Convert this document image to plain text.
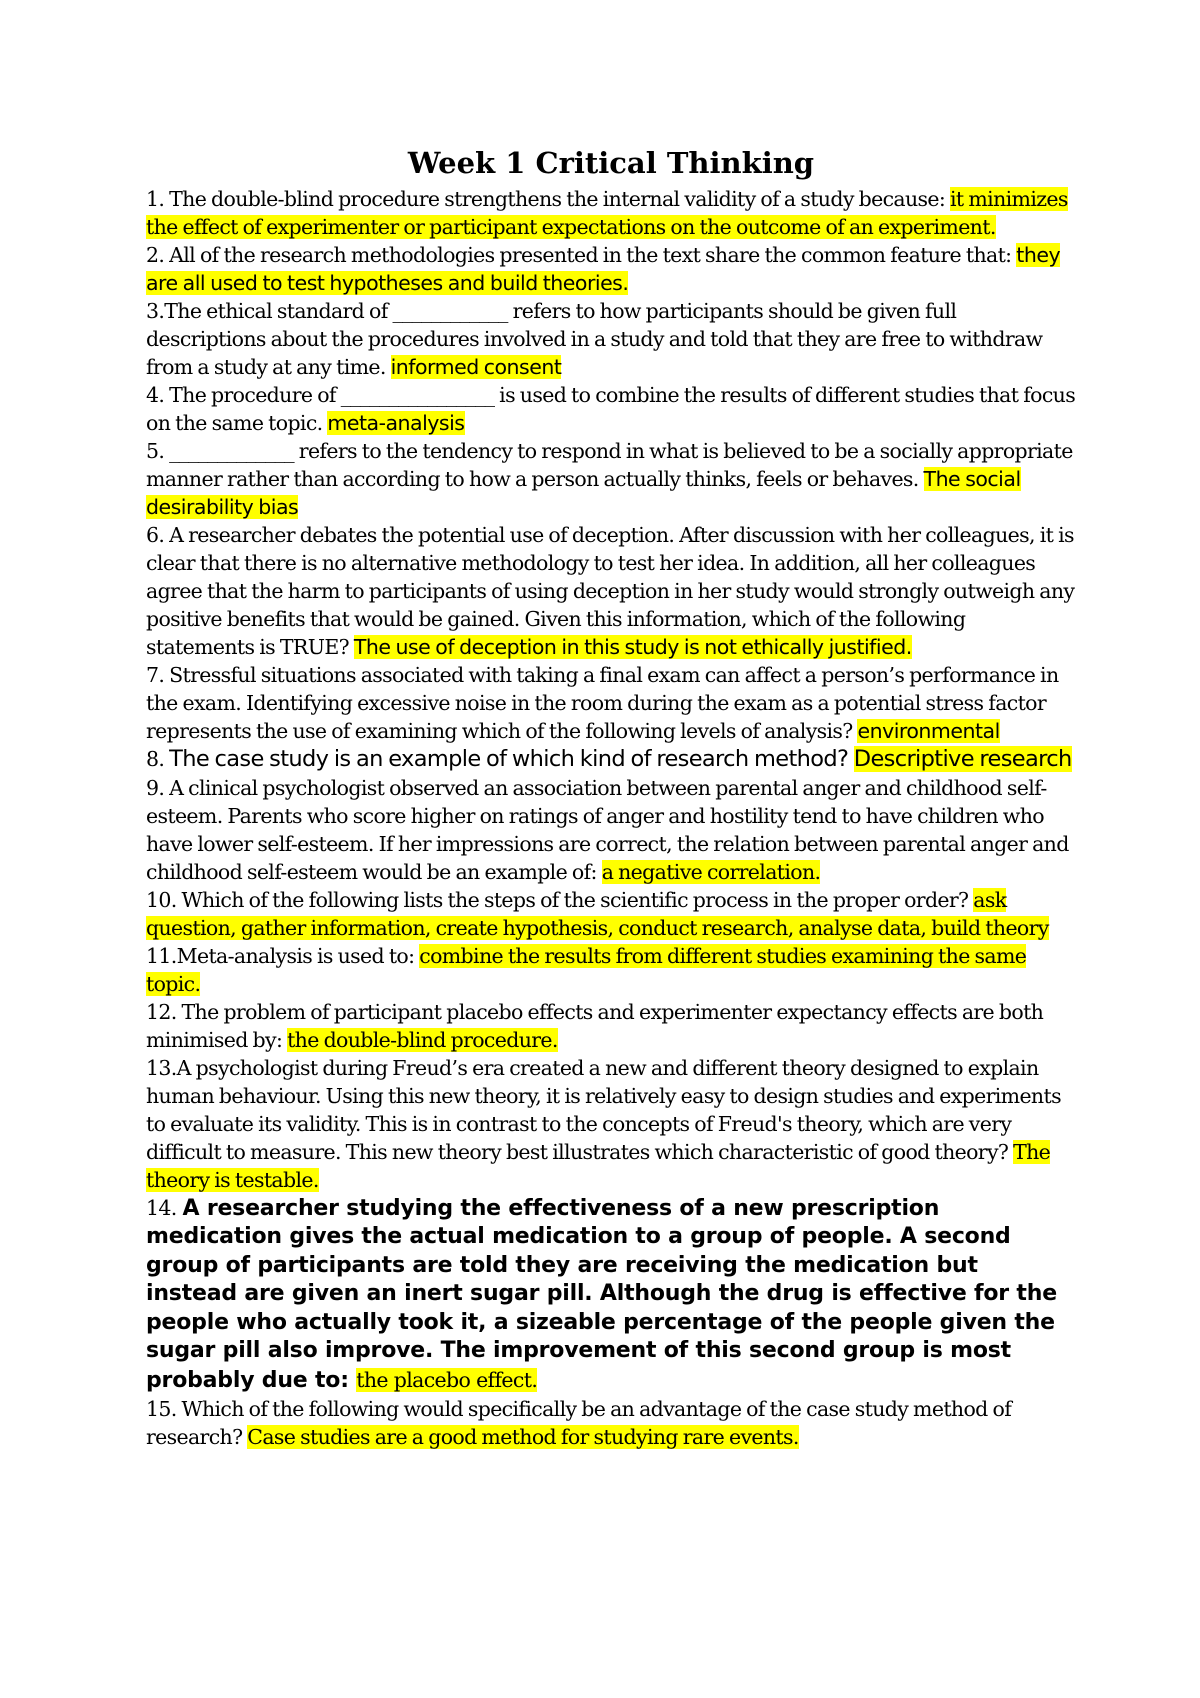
Week 1 Critical Thinking
1. The double-blind procedure strengthens the internal validity of a study because: it minimizes the effect of experimenter or participant expectations on the outcome of an experiment.
2. All of the research methodologies presented in the text share the common feature that: they are all used to test hypotheses and build theories.
3.The ethical standard of ____________ refers to how participants should be given full descriptions about the procedures involved in a study and told that they are free to withdraw from a study at any time. informed consent
4. The procedure of ________________ is used to combine the results of different studies that focus on the same topic. meta-analysis
5. _____________ refers to the tendency to respond in what is believed to be a socially appropriate manner rather than according to how a person actually thinks, feels or behaves. The social desirability bias
6. A researcher debates the potential use of deception. After discussion with her colleagues, it is clear that there is no alternative methodology to test her idea. In addition, all her colleagues agree that the harm to participants of using deception in her study would strongly outweigh any positive benefits that would be gained. Given this information, which of the following statements is TRUE? The use of deception in this study is not ethically justified.
7. Stressful situations associated with taking a final exam can affect a person’s performance in the exam. Identifying excessive noise in the room during the exam as a potential stress factor represents the use of examining which of the following levels of analysis? environmental
8. The case study is an example of which kind of research method? Descriptive research
9. A clinical psychologist observed an association between parental anger and childhood self-esteem. Parents who score higher on ratings of anger and hostility tend to have children who have lower self-esteem. If her impressions are correct, the relation between parental anger and childhood self-esteem would be an example of: a negative correlation.
10. Which of the following lists the steps of the scientific process in the proper order? ask question, gather information, create hypothesis, conduct research, analyse data, build theory
11.Meta-analysis is used to: combine the results from different studies examining the same topic.
12. The problem of participant placebo effects and experimenter expectancy effects are both minimised by: the double-blind procedure.
13.A psychologist during Freud’s era created a new and different theory designed to explain human behaviour. Using this new theory, it is relatively easy to design studies and experiments to evaluate its validity. This is in contrast to the concepts of Freud's theory, which are very difficult to measure. This new theory best illustrates which characteristic of good theory? The theory is testable.
14. A researcher studying the effectiveness of a new prescription medication gives the actual medication to a group of people. A second group of participants are told they are receiving the medication but instead are given an inert sugar pill. Although the drug is effective for the people who actually took it, a sizeable percentage of the people given the sugar pill also improve. The improvement of this second group is most probably due to: the placebo effect.
15. Which of the following would specifically be an advantage of the case study method of research? Case studies are a good method for studying rare events.
